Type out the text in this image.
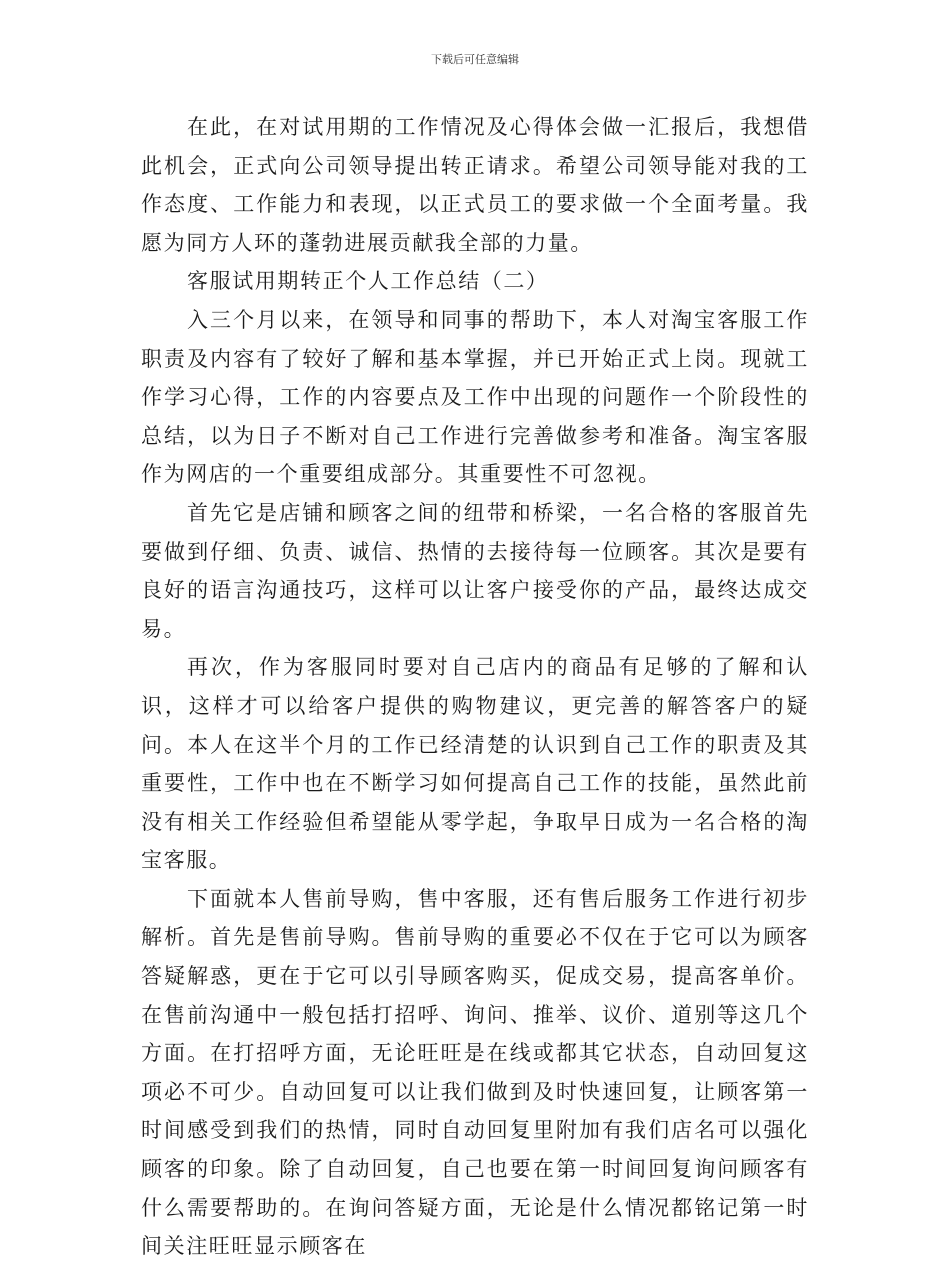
下载后可任意编辑

在此，在对试用期的工作情况及心得体会做一汇报后，我想借此机会，正式向公司领导提出转正请求。希望公司领导能对我的工作态度、工作能力和表现，以正式员工的要求做一个全面考量。我愿为同方人环的蓬勃进展贡献我全部的力量。

客服试用期转正个人工作总结（二）

入三个月以来，在领导和同事的帮助下，本人对淘宝客服工作职责及内容有了较好了解和基本掌握，并已开始正式上岗。现就工作学习心得，工作的内容要点及工作中出现的问题作一个阶段性的总结，以为日子不断对自己工作进行完善做参考和准备。淘宝客服作为网店的一个重要组成部分。其重要性不可忽视。

首先它是店铺和顾客之间的纽带和桥梁，一名合格的客服首先要做到仔细、负责、诚信、热情的去接待每一位顾客。其次是要有良好的语言沟通技巧，这样可以让客户接受你的产品，最终达成交易。

再次，作为客服同时要对自己店内的商品有足够的了解和认识，这样才可以给客户提供的购物建议，更完善的解答客户的疑问。本人在这半个月的工作已经清楚的认识到自己工作的职责及其重要性，工作中也在不断学习如何提高自己工作的技能，虽然此前没有相关工作经验但希望能从零学起，争取早日成为一名合格的淘宝客服。

下面就本人售前导购，售中客服，还有售后服务工作进行初步解析。首先是售前导购。售前导购的重要必不仅在于它可以为顾客答疑解惑，更在于它可以引导顾客购买，促成交易，提高客单价。在售前沟通中一般包括打招呼、询问、推举、议价、道别等这几个方面。在打招呼方面，无论旺旺是在线或都其它状态，自动回复这项必不可少。自动回复可以让我们做到及时快速回复，让顾客第一时间感受到我们的热情，同时自动回复里附加有我们店名可以强化顾客的印象。除了自动回复，自己也要在第一时间回复询问顾客有什么需要帮助的。在询问答疑方面，无论是什么情况都铭记第一时间关注旺旺显示顾客在
